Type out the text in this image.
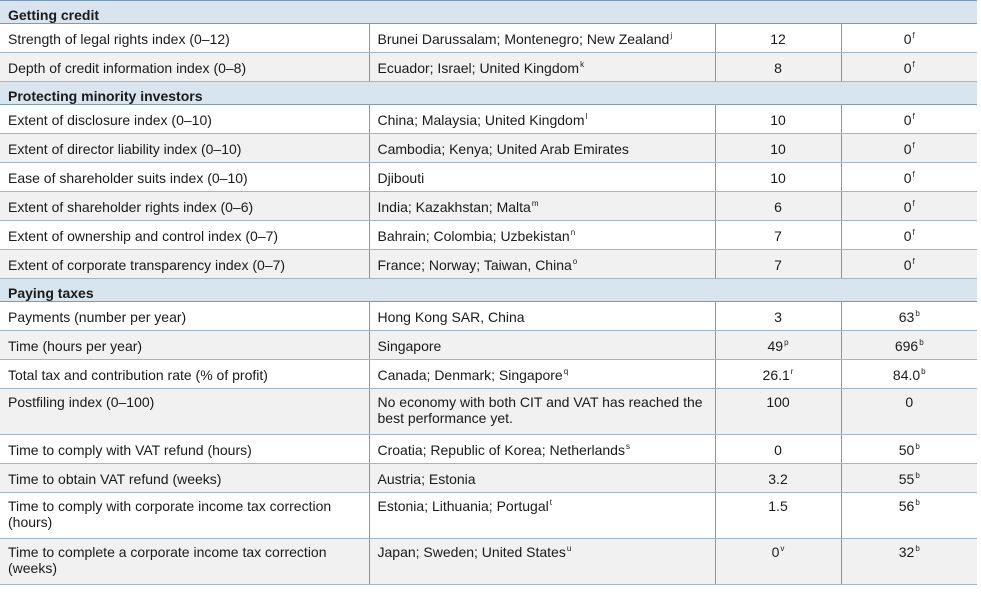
Getting credit			
Strength of legal rights index (0–12)	Brunei Darussalam; Montenegro; New Zealand$^j$	12	0$^f$
Depth of credit information index (0–8)	Ecuador; Israel; United Kingdom$^k$	8	0$^f$
Protecting minority investors			
Extent of disclosure index (0–10)	China; Malaysia; United Kingdom$^l$	10	0$^f$
Extent of director liability index (0–10)	Cambodia; Kenya; United Arab Emirates	10	0$^f$
Ease of shareholder suits index (0–10)	Djibouti	10	0$^f$
Extent of shareholder rights index (0–6)	India; Kazakhstan; Malta$^m$	6	0$^f$
Extent of ownership and control index (0–7)	Bahrain; Colombia; Uzbekistan$^n$	7	0$^f$
Extent of corporate transparency index (0–7)	France; Norway; Taiwan, China$^o$	7	0$^f$
Paying taxes			
Payments (number per year)	Hong Kong SAR, China	3	63$^b$
Time (hours per year)	Singapore	49$^p$	696$^b$
Total tax and contribution rate (% of profit)	Canada; Denmark; Singapore$^q$	26.1$^r$	84.0$^b$
Postfiling index (0–100)	No economy with both CIT and VAT has reached the best performance yet.	100	0
Time to comply with VAT refund (hours)	Croatia; Republic of Korea; Netherlands$^s$	0	50$^b$
Time to obtain VAT refund (weeks)	Austria; Estonia	3.2	55$^b$
Time to comply with corporate income tax correction (hours)	Estonia; Lithuania; Portugal$^t$	1.5	56$^b$
Time to complete a corporate income tax correction (weeks)	Japan; Sweden; United States$^u$	0$^v$	32$^b$
